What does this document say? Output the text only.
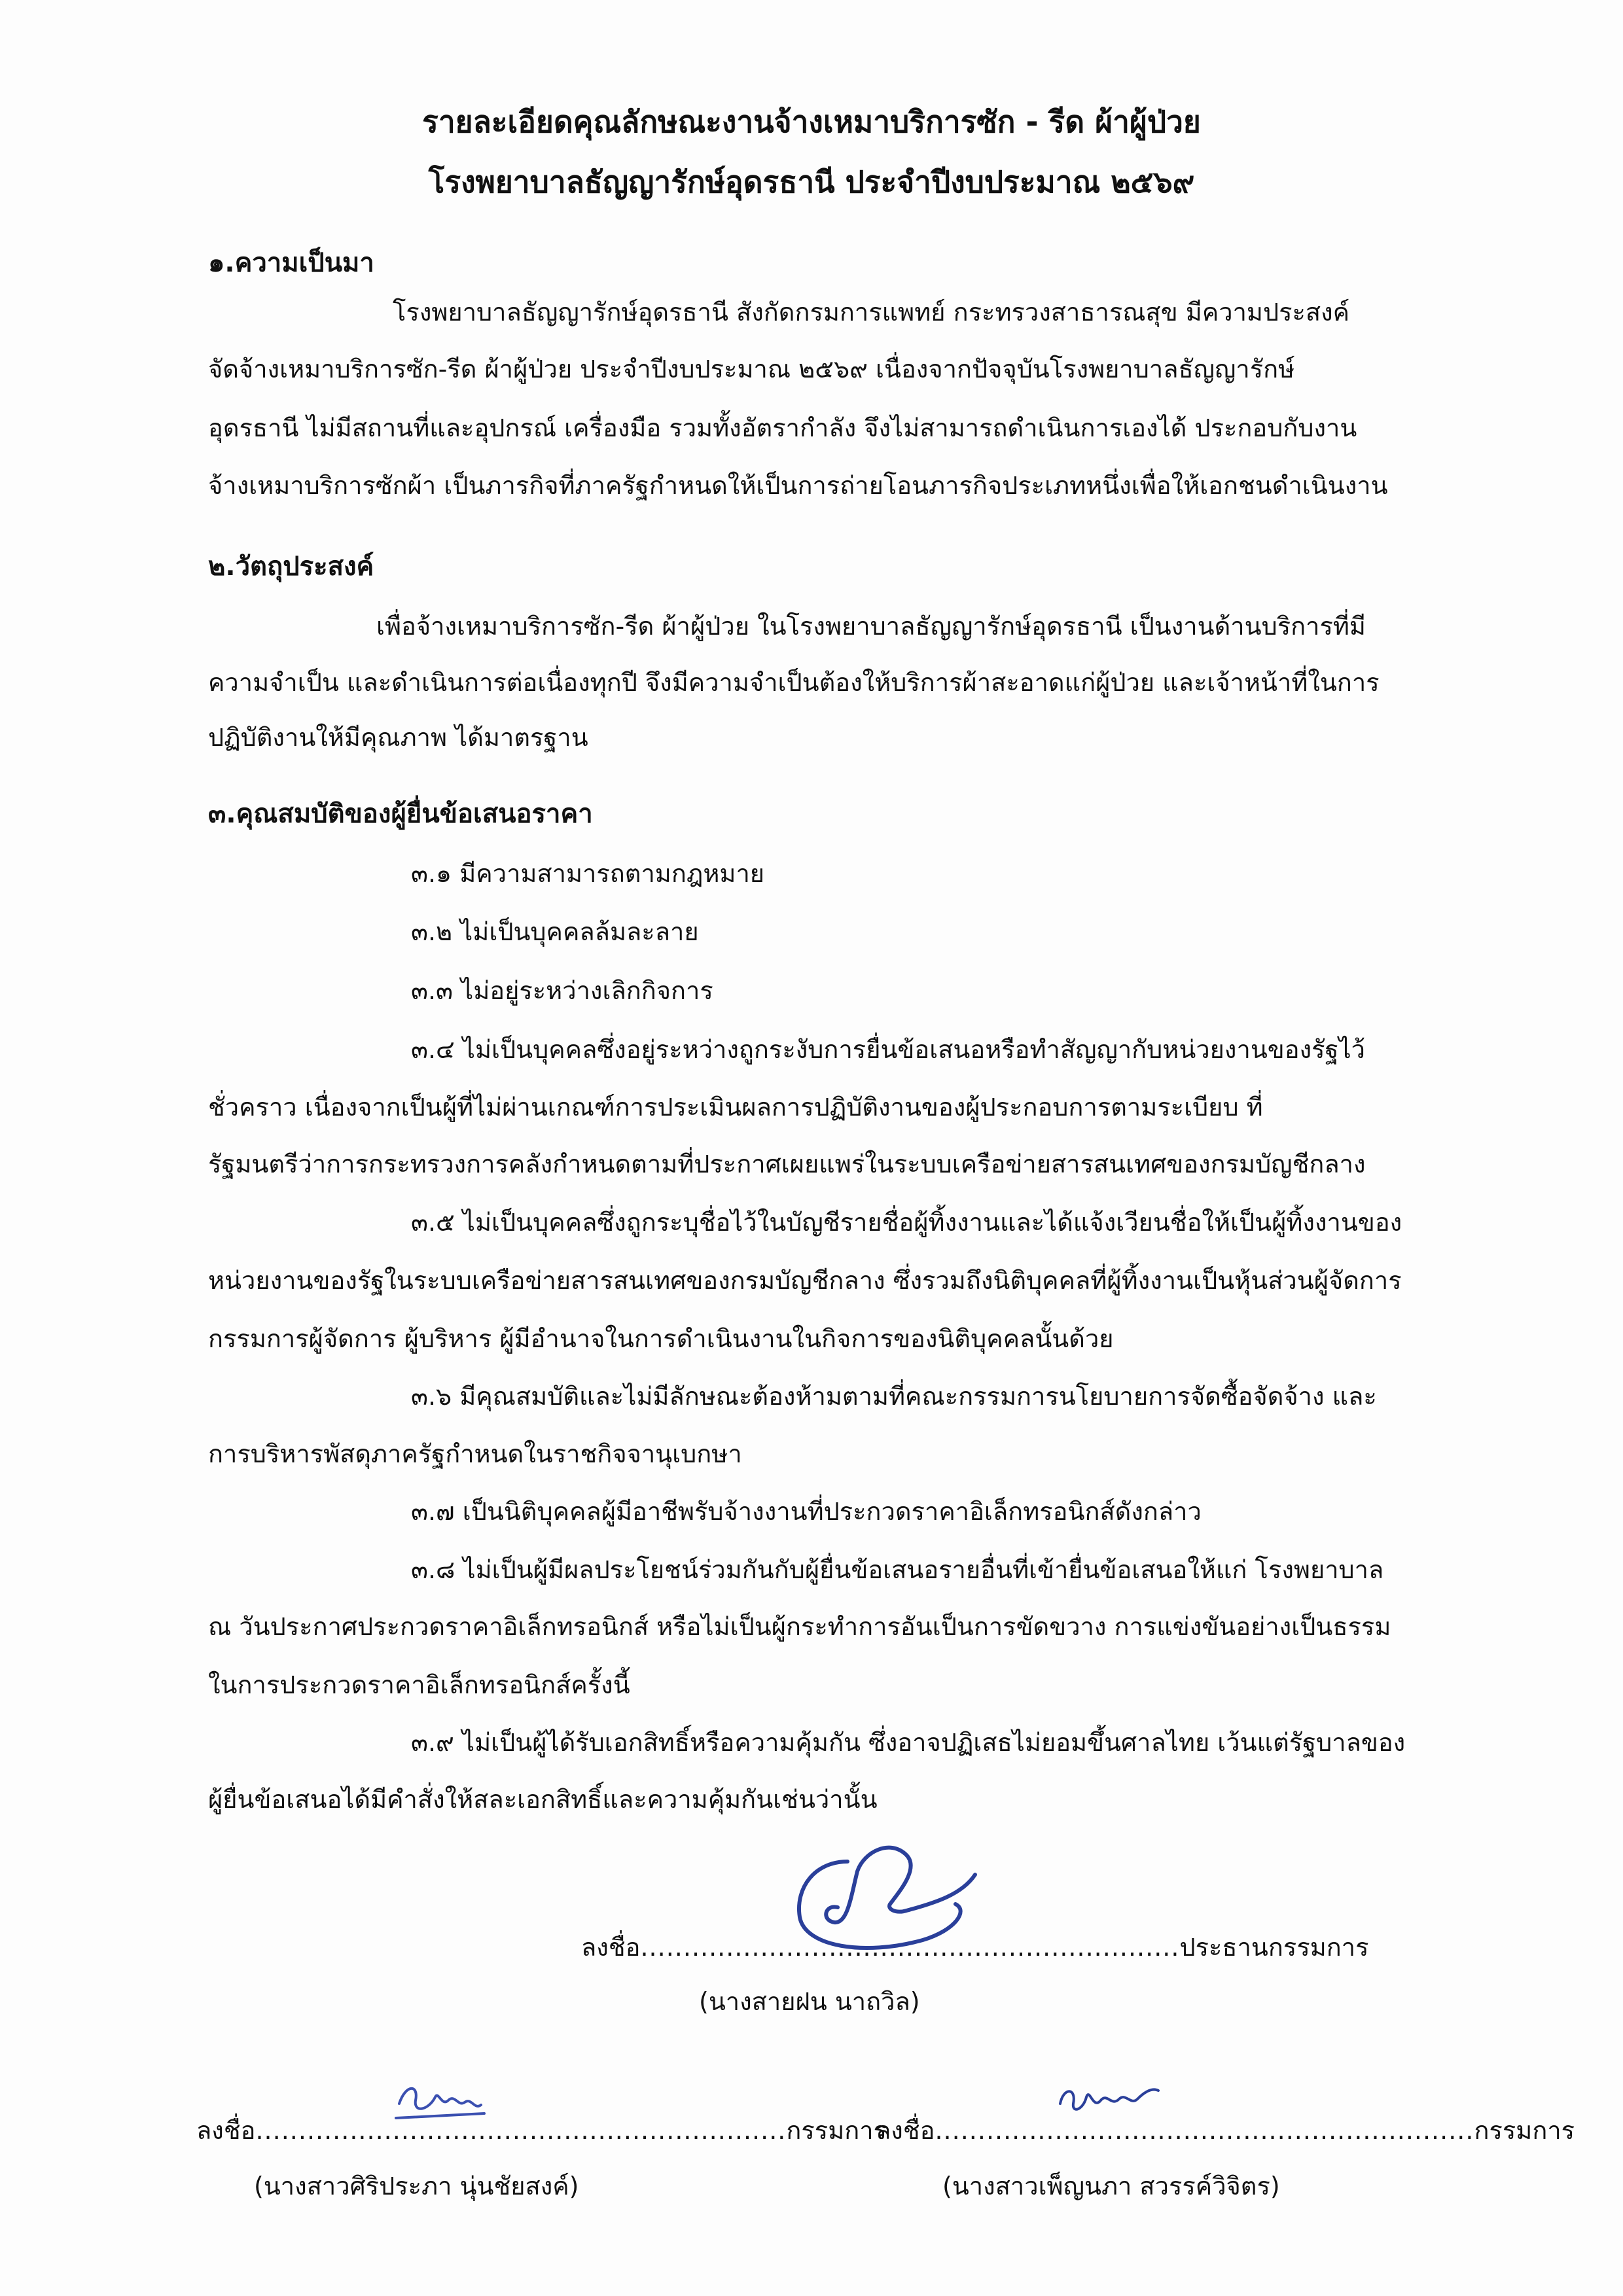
รายละเอียดคุณลักษณะงานจ้างเหมาบริการซัก - รีด ผ้าผู้ป่วย
โรงพยาบาลธัญญารักษ์อุดรธานี ประจำปีงบประมาณ ๒๕๖๙
๑.ความเป็นมา
โรงพยาบาลธัญญารักษ์อุดรธานี สังกัดกรมการแพทย์ กระทรวงสาธารณสุข มีความประสงค์
จัดจ้างเหมาบริการซัก-รีด ผ้าผู้ป่วย ประจำปีงบประมาณ ๒๕๖๙ เนื่องจากปัจจุบันโรงพยาบาลธัญญารักษ์
อุดรธานี ไม่มีสถานที่และอุปกรณ์ เครื่องมือ รวมทั้งอัตรากำลัง จึงไม่สามารถดำเนินการเองได้ ประกอบกับงาน
จ้างเหมาบริการซักผ้า เป็นภารกิจที่ภาครัฐกำหนดให้เป็นการถ่ายโอนภารกิจประเภทหนึ่งเพื่อให้เอกชนดำเนินงาน
๒.วัตถุประสงค์
เพื่อจ้างเหมาบริการซัก-รีด ผ้าผู้ป่วย ในโรงพยาบาลธัญญารักษ์อุดรธานี เป็นงานด้านบริการที่มี
ความจำเป็น และดำเนินการต่อเนื่องทุกปี จึงมีความจำเป็นต้องให้บริการผ้าสะอาดแก่ผู้ป่วย และเจ้าหน้าที่ในการ
ปฏิบัติงานให้มีคุณภาพ ได้มาตรฐาน
๓.คุณสมบัติของผู้ยื่นข้อเสนอราคา
๓.๑ มีความสามารถตามกฎหมาย
๓.๒ ไม่เป็นบุคคลล้มละลาย
๓.๓ ไม่อยู่ระหว่างเลิกกิจการ
๓.๔ ไม่เป็นบุคคลซึ่งอยู่ระหว่างถูกระงับการยื่นข้อเสนอหรือทำสัญญากับหน่วยงานของรัฐไว้
ชั่วคราว เนื่องจากเป็นผู้ที่ไม่ผ่านเกณฑ์การประเมินผลการปฏิบัติงานของผู้ประกอบการตามระเบียบ ที่
รัฐมนตรีว่าการกระทรวงการคลังกำหนดตามที่ประกาศเผยแพร่ในระบบเครือข่ายสารสนเทศของกรมบัญชีกลาง
๓.๕ ไม่เป็นบุคคลซึ่งถูกระบุชื่อไว้ในบัญชีรายชื่อผู้ทิ้งงานและได้แจ้งเวียนชื่อให้เป็นผู้ทิ้งงานของ
หน่วยงานของรัฐในระบบเครือข่ายสารสนเทศของกรมบัญชีกลาง ซึ่งรวมถึงนิติบุคคลที่ผู้ทิ้งงานเป็นหุ้นส่วนผู้จัดการ
กรรมการผู้จัดการ ผู้บริหาร ผู้มีอำนาจในการดำเนินงานในกิจการของนิติบุคคลนั้นด้วย
๓.๖ มีคุณสมบัติและไม่มีลักษณะต้องห้ามตามที่คณะกรรมการนโยบายการจัดซื้อจัดจ้าง และ
การบริหารพัสดุภาครัฐกำหนดในราชกิจจานุเบกษา
๓.๗ เป็นนิติบุคคลผู้มีอาชีพรับจ้างงานที่ประกวดราคาอิเล็กทรอนิกส์ดังกล่าว
๓.๘ ไม่เป็นผู้มีผลประโยชน์ร่วมกันกับผู้ยื่นข้อเสนอรายอื่นที่เข้ายื่นข้อเสนอให้แก่ โรงพยาบาล
ณ วันประกาศประกวดราคาอิเล็กทรอนิกส์ หรือไม่เป็นผู้กระทำการอันเป็นการขัดขวาง การแข่งขันอย่างเป็นธรรม
ในการประกวดราคาอิเล็กทรอนิกส์ครั้งนี้
๓.๙ ไม่เป็นผู้ได้รับเอกสิทธิ์หรือความคุ้มกัน ซึ่งอาจปฏิเสธไม่ยอมขึ้นศาลไทย เว้นแต่รัฐบาลของ
ผู้ยื่นข้อเสนอได้มีคำสั่งให้สละเอกสิทธิ์และความคุ้มกันเช่นว่านั้น
ลงชื่อ...............................................................ประธานกรรมการ
(นางสายฝน นาถวิล)
ลงชื่อ..............................................................กรรมการ
(นางสาวศิริประภา นุ่นชัยสงค์)
ลงชื่อ...............................................................กรรมการ
(นางสาวเพ็ญนภา สวรรค์วิจิตร)
